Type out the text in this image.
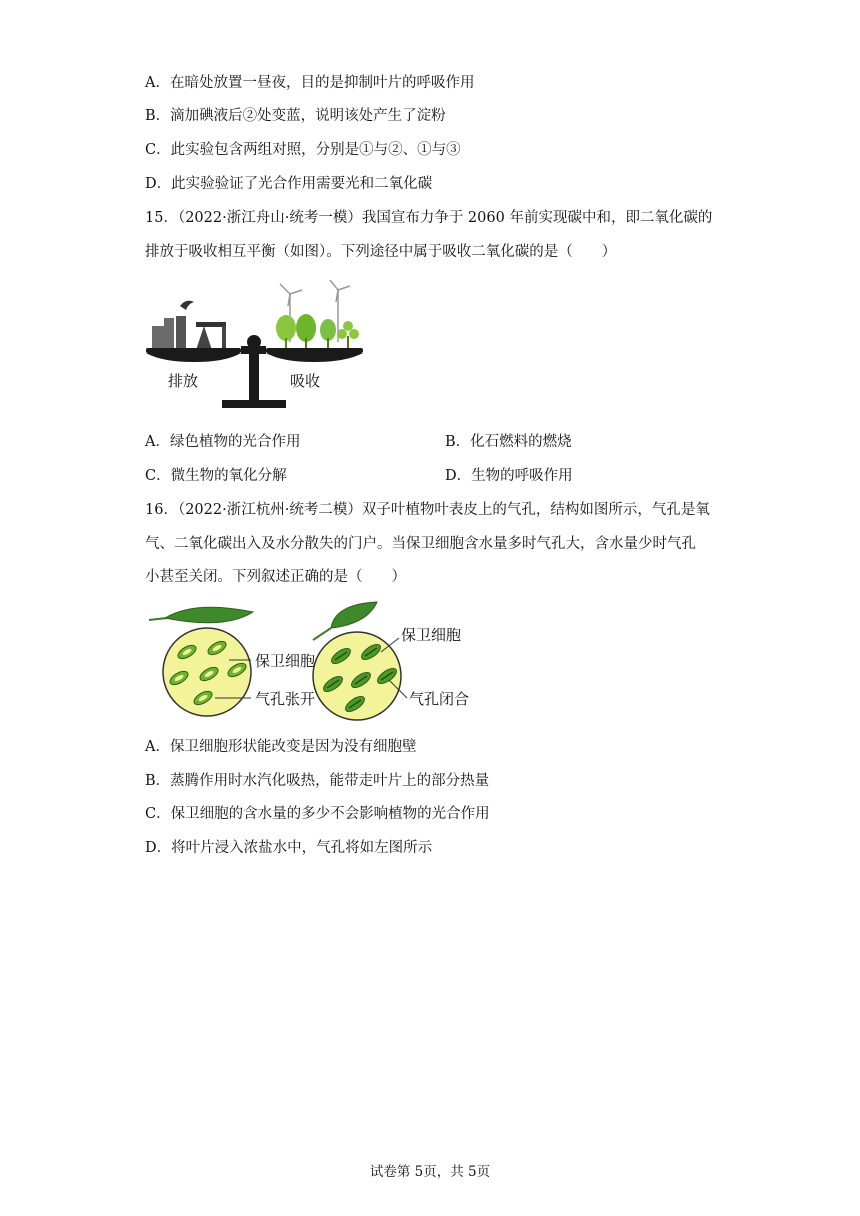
A．在暗处放置一昼夜，目的是抑制叶片的呼吸作用
B．滴加碘液后②处变蓝，说明该处产生了淀粉
C．此实验包含两组对照，分别是①与②、①与③
D．此实验验证了光合作用需要光和二氧化碳
15．（2022·浙江舟山·统考一模）我国宣布力争于 2060 年前实现碳中和，即二氧化碳的
排放于吸收相互平衡（如图）。下列途径中属于吸收二氧化碳的是（　　）
排放	吸收
A．绿色植物的光合作用	B．化石燃料的燃烧
C．微生物的氧化分解	D．生物的呼吸作用
16．（2022·浙江杭州·统考二模）双子叶植物叶表皮上的气孔，结构如图所示，气孔是氧
气、二氧化碳出入及水分散失的门户。当保卫细胞含水量多时气孔大，含水量少时气孔
小甚至关闭。下列叙述正确的是（　　）
保卫细胞
气孔张开
保卫细胞
气孔闭合
A．保卫细胞形状能改变是因为没有细胞壁
B．蒸腾作用时水汽化吸热，能带走叶片上的部分热量
C．保卫细胞的含水量的多少不会影响植物的光合作用
D．将叶片浸入浓盐水中，气孔将如左图所示
试卷第 5页，共 5页
